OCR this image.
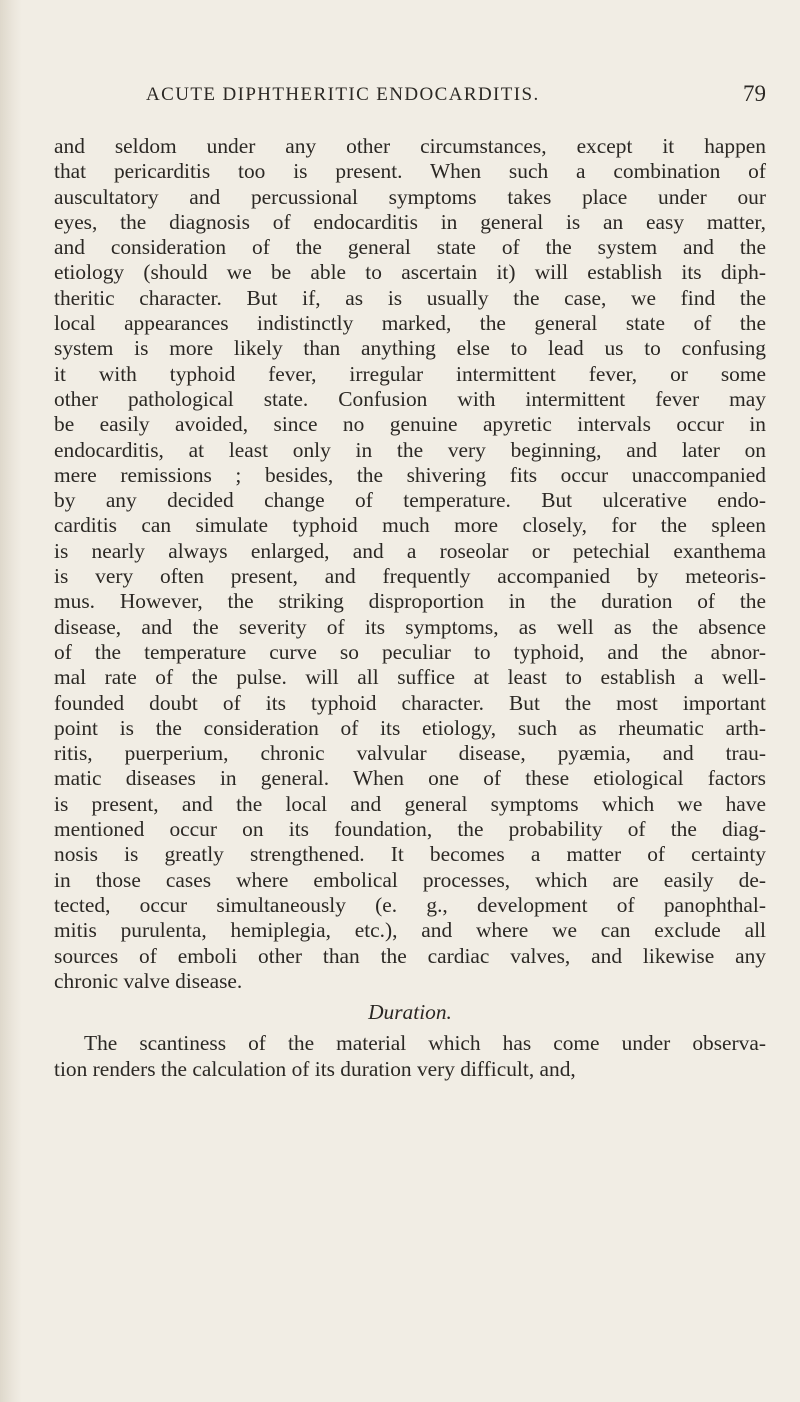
ACUTE DIPHTHERITIC ENDOCARDITIS.	79
and seldom under any other circumstances, except it happen
that pericarditis too is present. When such a combination of
auscultatory and percussional symptoms takes place under our
eyes, the diagnosis of endocarditis in general is an easy matter,
and consideration of the general state of the system and the
etiology (should we be able to ascertain it) will establish its diph-
theritic character. But if, as is usually the case, we find the
local appearances indistinctly marked, the general state of the
system is more likely than anything else to lead us to confusing
it with typhoid fever, irregular intermittent fever, or some
other pathological state. Confusion with intermittent fever may
be easily avoided, since no genuine apyretic intervals occur in
endocarditis, at least only in the very beginning, and later on
mere remissions ; besides, the shivering fits occur unaccompanied
by any decided change of temperature. But ulcerative endo-
carditis can simulate typhoid much more closely, for the spleen
is nearly always enlarged, and a roseolar or petechial exanthema
is very often present, and frequently accompanied by meteoris-
mus. However, the striking disproportion in the duration of the
disease, and the severity of its symptoms, as well as the absence
of the temperature curve so peculiar to typhoid, and the abnor-
mal rate of the pulse. will all suffice at least to establish a well-
founded doubt of its typhoid character. But the most important
point is the consideration of its etiology, such as rheumatic arth-
ritis, puerperium, chronic valvular disease, pyæmia, and trau-
matic diseases in general. When one of these etiological factors
is present, and the local and general symptoms which we have
mentioned occur on its foundation, the probability of the diag-
nosis is greatly strengthened. It becomes a matter of certainty
in those cases where embolical processes, which are easily de-
tected, occur simultaneously (e. g., development of panophthal-
mitis purulenta, hemiplegia, etc.), and where we can exclude all
sources of emboli other than the cardiac valves, and likewise any
chronic valve disease.
Duration.
The scantiness of the material which has come under observa-
tion renders the calculation of its duration very difficult, and,
